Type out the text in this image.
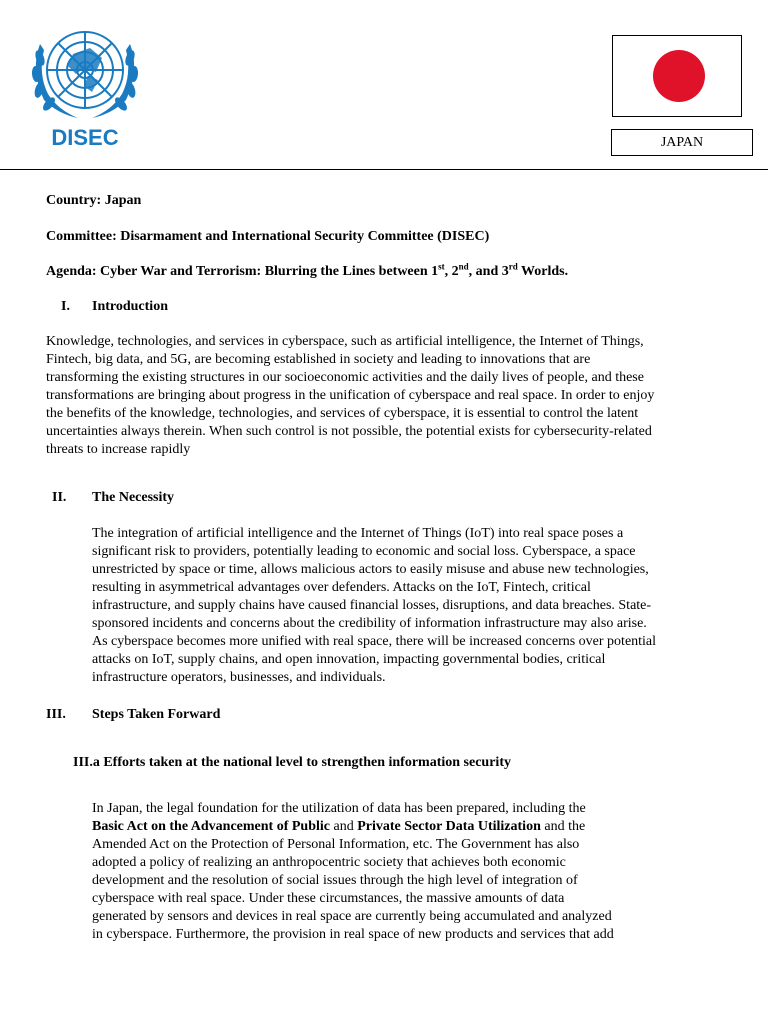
DISEC	JAPAN
Country: Japan
Committee: Disarmament and International Security Committee (DISEC)
Agenda: Cyber War and Terrorism: Blurring the Lines between 1st, 2nd, and 3rd Worlds.
I. Introduction
Knowledge, technologies, and services in cyberspace, such as artificial intelligence, the Internet of Things,
Fintech, big data, and 5G, are becoming established in society and leading to innovations that are
transforming the existing structures in our socioeconomic activities and the daily lives of people, and these
transformations are bringing about progress in the unification of cyberspace and real space. In order to enjoy
the benefits of the knowledge, technologies, and services of cyberspace, it is essential to control the latent
uncertainties always therein. When such control is not possible, the potential exists for cybersecurity-related
threats to increase rapidly
II. The Necessity
The integration of artificial intelligence and the Internet of Things (IoT) into real space poses a
significant risk to providers, potentially leading to economic and social loss. Cyberspace, a space
unrestricted by space or time, allows malicious actors to easily misuse and abuse new technologies,
resulting in asymmetrical advantages over defenders. Attacks on the IoT, Fintech, critical
infrastructure, and supply chains have caused financial losses, disruptions, and data breaches. State-
sponsored incidents and concerns about the credibility of information infrastructure may also arise.
As cyberspace becomes more unified with real space, there will be increased concerns over potential
attacks on IoT, supply chains, and open innovation, impacting governmental bodies, critical
infrastructure operators, businesses, and individuals.
III. Steps Taken Forward
III.a Efforts taken at the national level to strengthen information security
In Japan, the legal foundation for the utilization of data has been prepared, including the
Basic Act on the Advancement of Public and Private Sector Data Utilization and the
Amended Act on the Protection of Personal Information, etc. The Government has also
adopted a policy of realizing an anthropocentric society that achieves both economic
development and the resolution of social issues through the high level of integration of
cyberspace with real space. Under these circumstances, the massive amounts of data
generated by sensors and devices in real space are currently being accumulated and analyzed
in cyberspace. Furthermore, the provision in real space of new products and services that add
